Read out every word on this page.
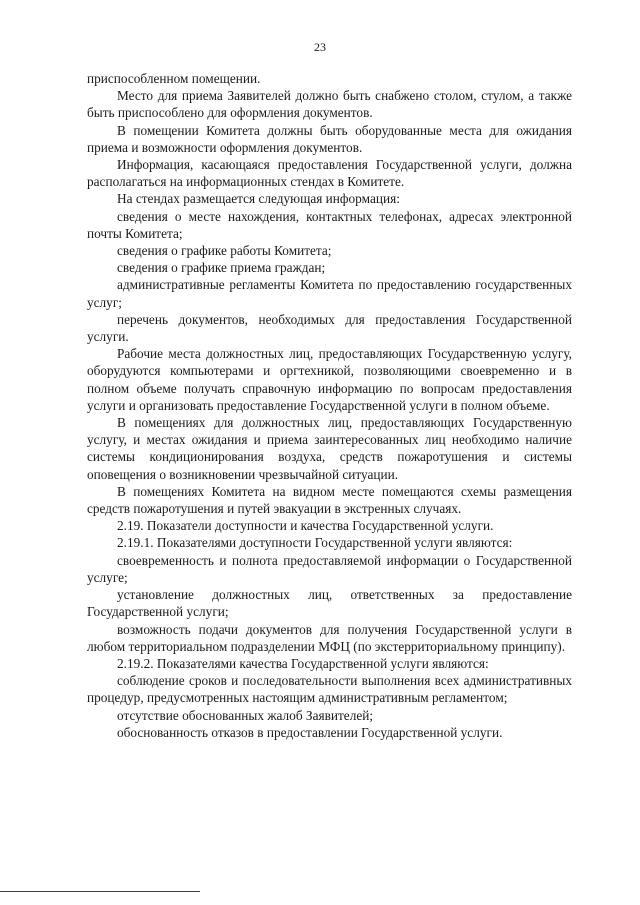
23

приспособленном помещении.

Место для приема Заявителей должно быть снабжено столом, стулом, а также быть приспособлено для оформления документов.

В помещении Комитета должны быть оборудованные места для ожидания приема и возможности оформления документов.

Информация, касающаяся предоставления Государственной услуги, должна располагаться на информационных стендах в Комитете.

На стендах размещается следующая информация:

сведения о месте нахождения, контактных телефонах, адресах электронной почты Комитета;

сведения о графике работы Комитета;

сведения о графике приема граждан;

административные регламенты Комитета по предоставлению государственных услуг;

перечень документов, необходимых для предоставления Государственной услуги.

Рабочие места должностных лиц, предоставляющих Государственную услугу, оборудуются компьютерами и оргтехникой, позволяющими своевременно и в полном объеме получать справочную информацию по вопросам предоставления услуги и организовать предоставление Государственной услуги в полном объеме.

В помещениях для должностных лиц, предоставляющих Государственную услугу, и местах ожидания и приема заинтересованных лиц необходимо наличие системы кондиционирования воздуха, средств пожаротушения и системы оповещения о возникновении чрезвычайной ситуации.

В помещениях Комитета на видном месте помещаются схемы размещения средств пожаротушения и путей эвакуации в экстренных случаях.

2.19. Показатели доступности и качества Государственной услуги.

2.19.1. Показателями доступности Государственной услуги являются:

своевременность и полнота предоставляемой информации о Государственной услуге;

установление должностных лиц, ответственных за предоставление Государственной услуги;

возможность подачи документов для получения Государственной услуги в любом территориальном подразделении МФЦ (по экстерриториальному принципу).

2.19.2. Показателями качества Государственной услуги являются:

соблюдение сроков и последовательности выполнения всех административных процедур, предусмотренных настоящим административным регламентом;

отсутствие обоснованных жалоб Заявителей;

обоснованность отказов в предоставлении Государственной услуги.
